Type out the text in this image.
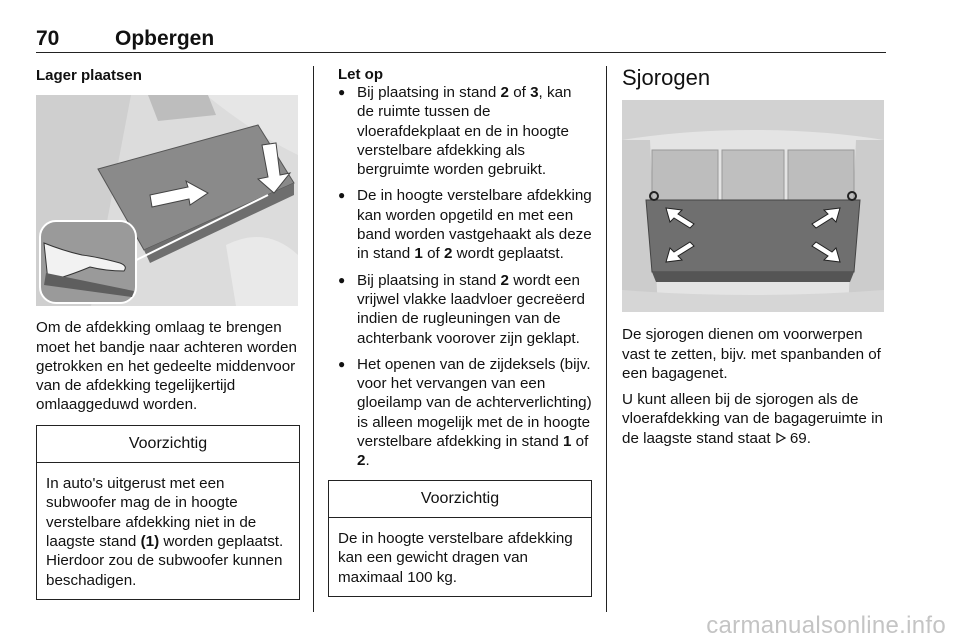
70	Opbergen
Lager plaatsen

Om de afdekking omlaag te brengen moet het bandje naar achteren worden getrokken en het gedeelte middenvoor van de afdekking tegelijkertijd omlaaggeduwd worden.

Voorzichtig
In auto's uitgerust met een subwoofer mag de in hoogte verstelbare afdekking niet in de laagste stand (1) worden geplaatst. Hierdoor zou de subwoofer kunnen beschadigen.
Let op
● Bij plaatsing in stand 2 of 3, kan de ruimte tussen de vloerafdekplaat en de in hoogte verstelbare afdekking als bergruimte worden gebruikt.
● De in hoogte verstelbare afdekking kan worden opgetild en met een band worden vastgehaakt als deze in stand 1 of 2 wordt geplaatst.
● Bij plaatsing in stand 2 wordt een vrijwel vlakke laadvloer gecreëerd indien de rugleuningen van de achterbank voorover zijn geklapt.
● Het openen van de zijdeksels (bijv. voor het vervangen van een gloeilamp van de achterverlichting) is alleen mogelijk met de in hoogte verstelbare afdekking in stand 1 of 2.
Voorzichtig
De in hoogte verstelbare afdekking kan een gewicht dragen van maximaal 100 kg.
Sjorogen

De sjorogen dienen om voorwerpen vast te zetten, bijv. met spanbanden of een bagagenet.

U kunt alleen bij de sjorogen als de vloerafdekking van de bagageruimte in de laagste stand staat 69.

carmanualsonline.info
